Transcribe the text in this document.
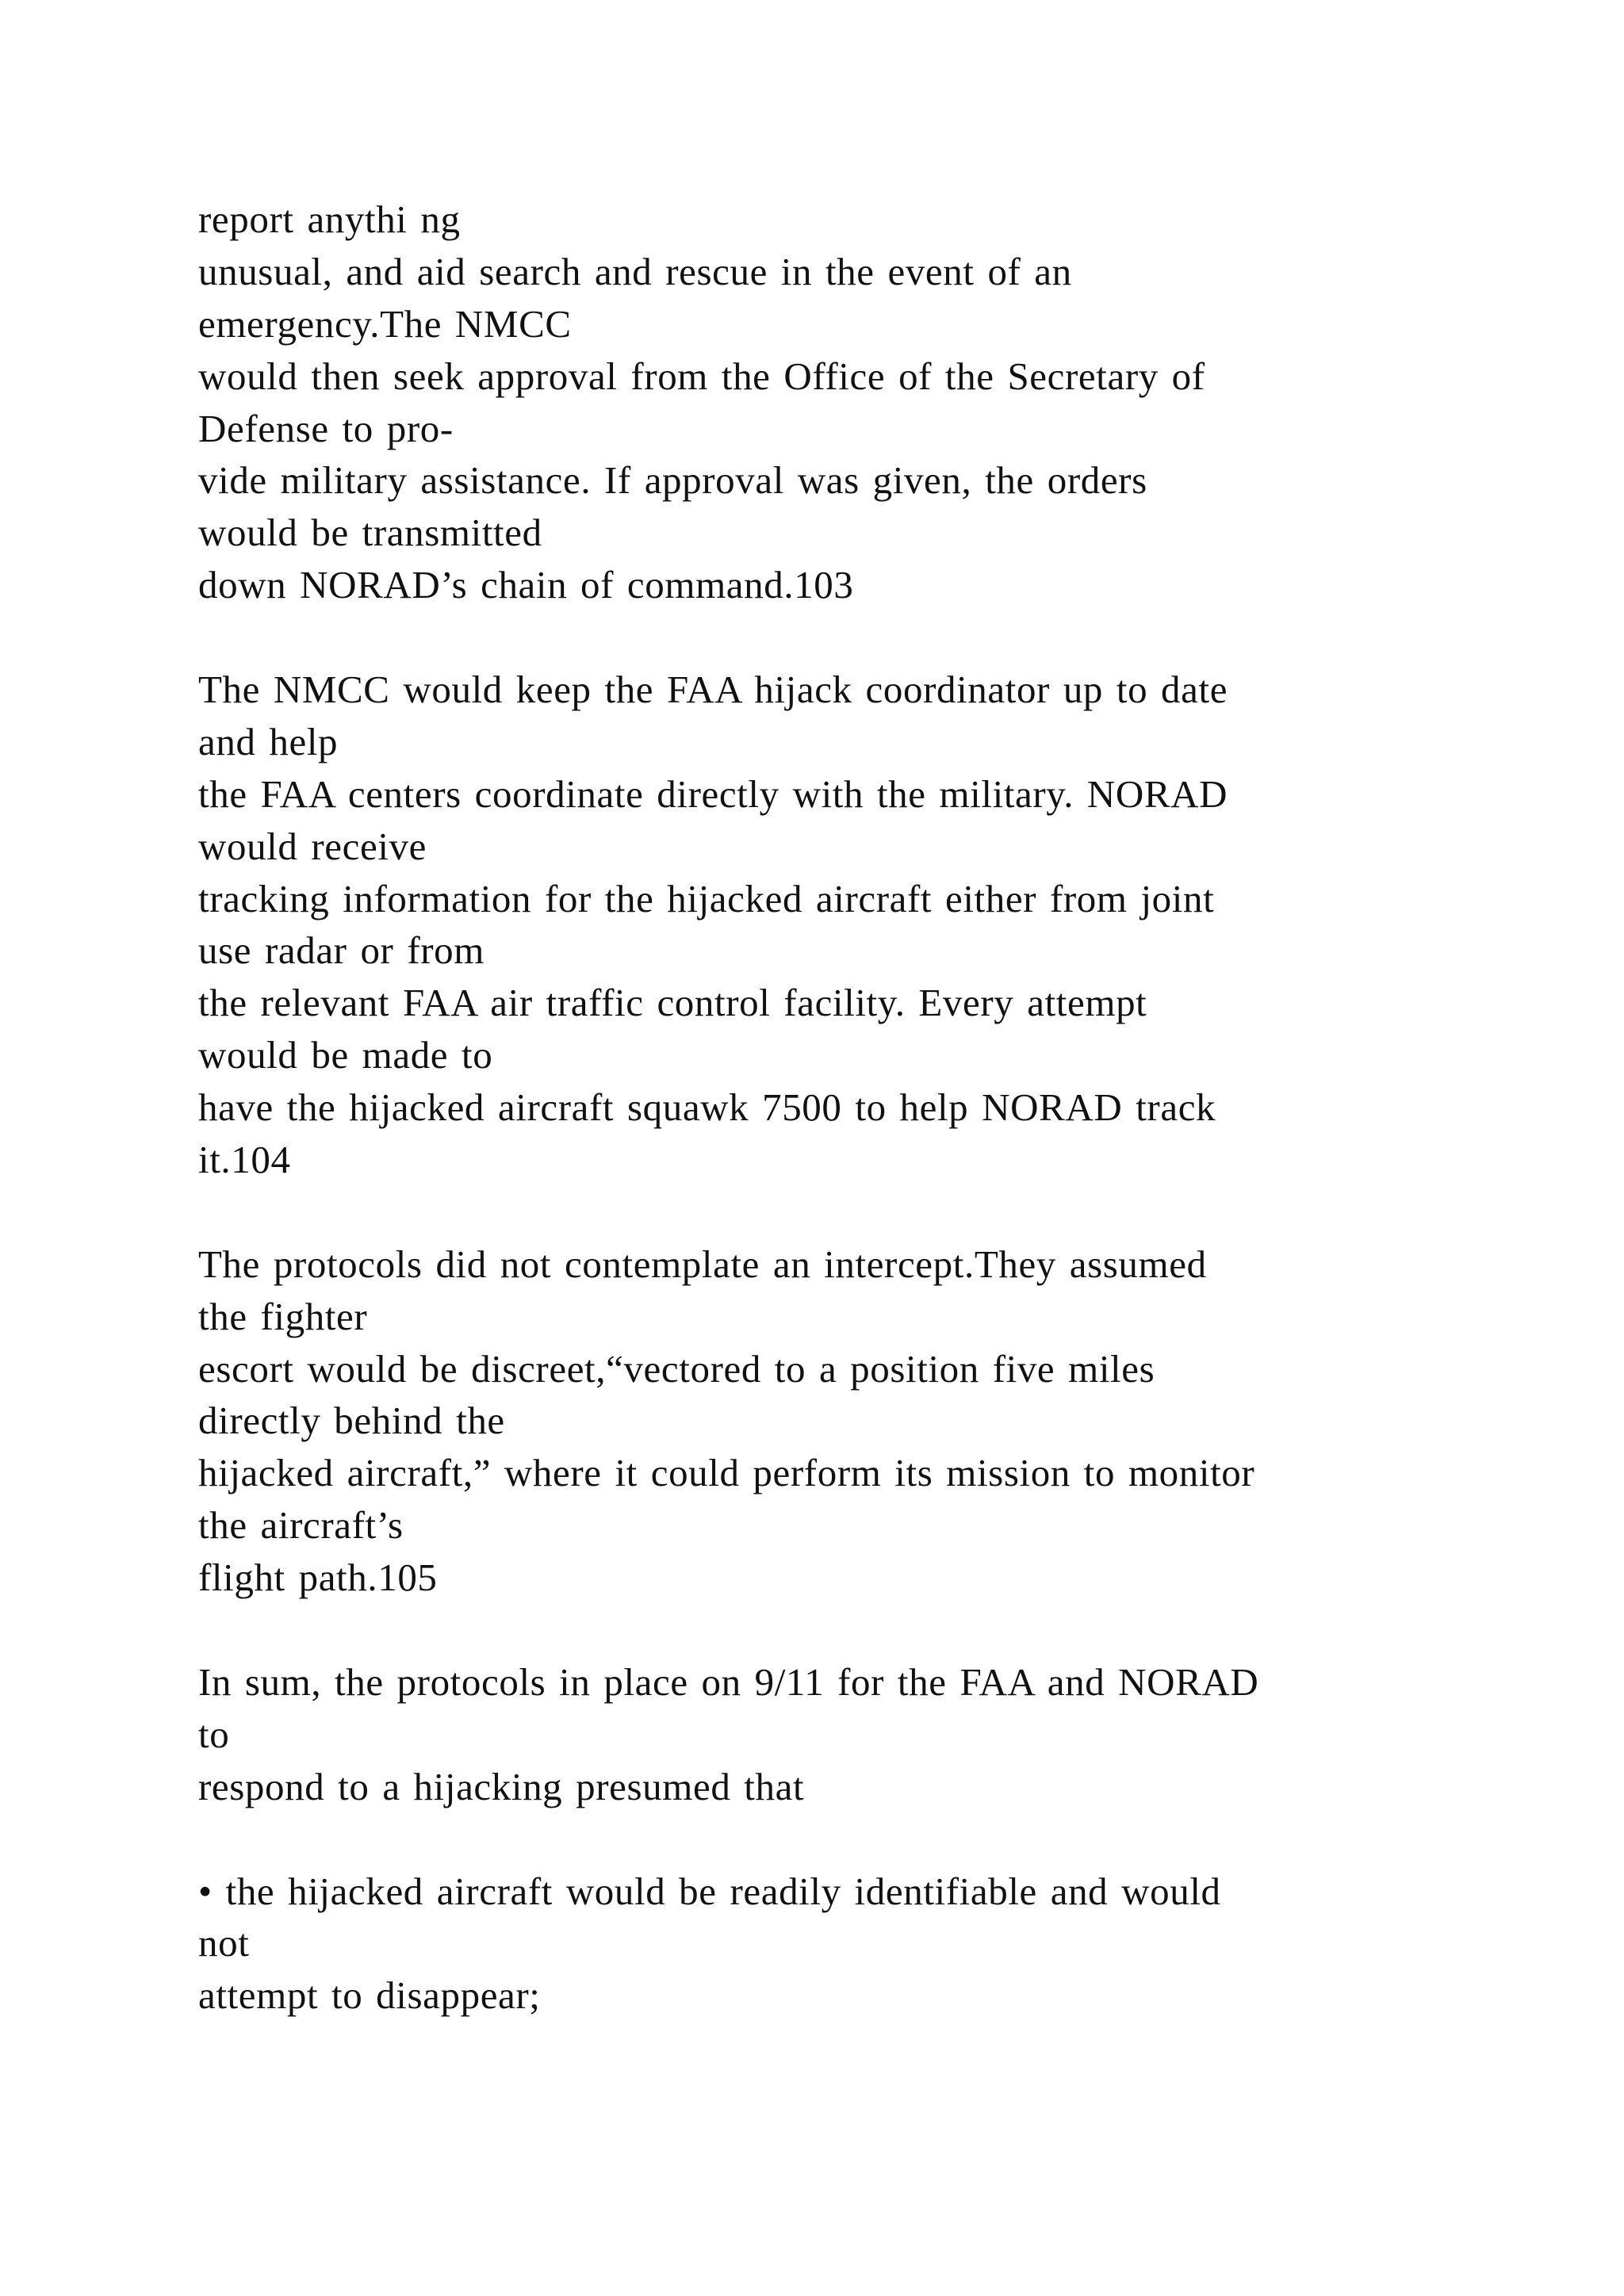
report anythi ng
unusual, and aid search and rescue in the event of an
emergency.The NMCC
would then seek approval from the Office of the Secretary of
Defense to pro-
vide military assistance. If approval was given, the orders
would be transmitted
down NORAD’s chain of command.103
The NMCC would keep the FAA hijack coordinator up to date
and help
the FAA centers coordinate directly with the military. NORAD
would receive
tracking information for the hijacked aircraft either from joint
use radar or from
the relevant FAA air traffic control facility. Every attempt
would be made to
have the hijacked aircraft squawk 7500 to help NORAD track
it.104
The protocols did not contemplate an intercept.They assumed
the fighter
escort would be discreet,“vectored to a position five miles
directly behind the
hijacked aircraft,” where it could perform its mission to monitor
the aircraft’s
flight path.105
In sum, the protocols in place on 9/11 for the FAA and NORAD
to
respond to a hijacking presumed that
• the hijacked aircraft would be readily identifiable and would
not
attempt to disappear;
